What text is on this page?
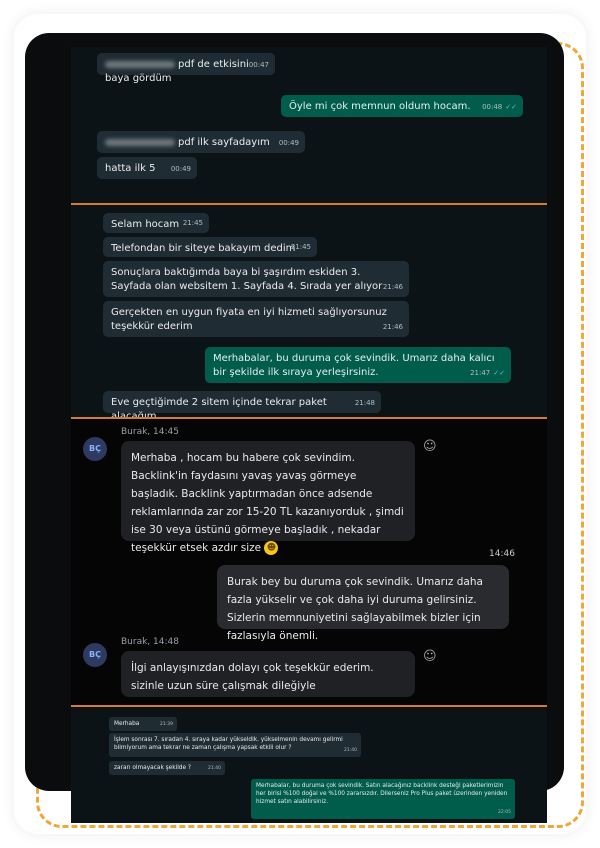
pdf de etkisini baya gördüm
00:47
Öyle mi çok memnun oldum hocam. 00:48 ✓✓
pdf ilk sayfadayım 00:49
hatta ilk 5 00:49
Selam hocam 21:45
Telefondan bir siteye bakayım dedim
21:45
Sonuçlara baktığımda baya bi şaşırdım eskiden 3. Sayfada olan websitem 1. Sayfada 4. Sırada yer alıyor 21:46
Gerçekten en uygun fiyata en iyi hizmeti sağlıyorsunuz teşekkür ederim	21:46
Merhabalar, bu duruma çok sevindik. Umarız daha kalıcı bir şekilde ilk sıraya yerleşirsiniz.	21:47 ✓✓
Eve geçtiğimde 2 sitem içinde tekrar paket	21:48
BÇ
Burak, 14:45
Merhaba , hocam bu habere çok sevindim. Backlink'in faydasını yavaş yavaş görmeye başladık. Backlink yaptırmadan önce adsende reklamlarında zar zor 15-20 TL kazanıyorduk , şimdi ise 30 veya üstünü görmeye başladık , nekadar teşekkür etsek azdır size ☻
☺
14:46
Burak bey bu duruma çok sevindik. Umarız daha fazla yükselir ve çok daha iyi duruma gelirsiniz. Sizlerin memnuniyetini sağlayabilmek bizler için fazlasıyla önemli.
BÇ
Burak, 14:48
İlgi anlayışınızdan dolayı çok teşekkür ederim. sizinle uzun süre çalışmak dileğiyle
☺
Merhaba	21:39
İşlem sonrası 7. sıradan 4. sıraya kadar yükseldik. yükselmenin devamı gelirmi bilmiyorum ama tekrar ne zaman çalışma yapsak etkili olur ?	21:40
zararı olmayacak şekilde ?	21:40
Merhabalar, bu duruma çok sevindik. Satın alacağınız backlink desteği paketlerimizin her birisi %100 doğal ve %100 zararsızdır. Dilerseniz Pro Plus paket üzerinden yeniden hizmet satın alabilirsiniz.
22:05
